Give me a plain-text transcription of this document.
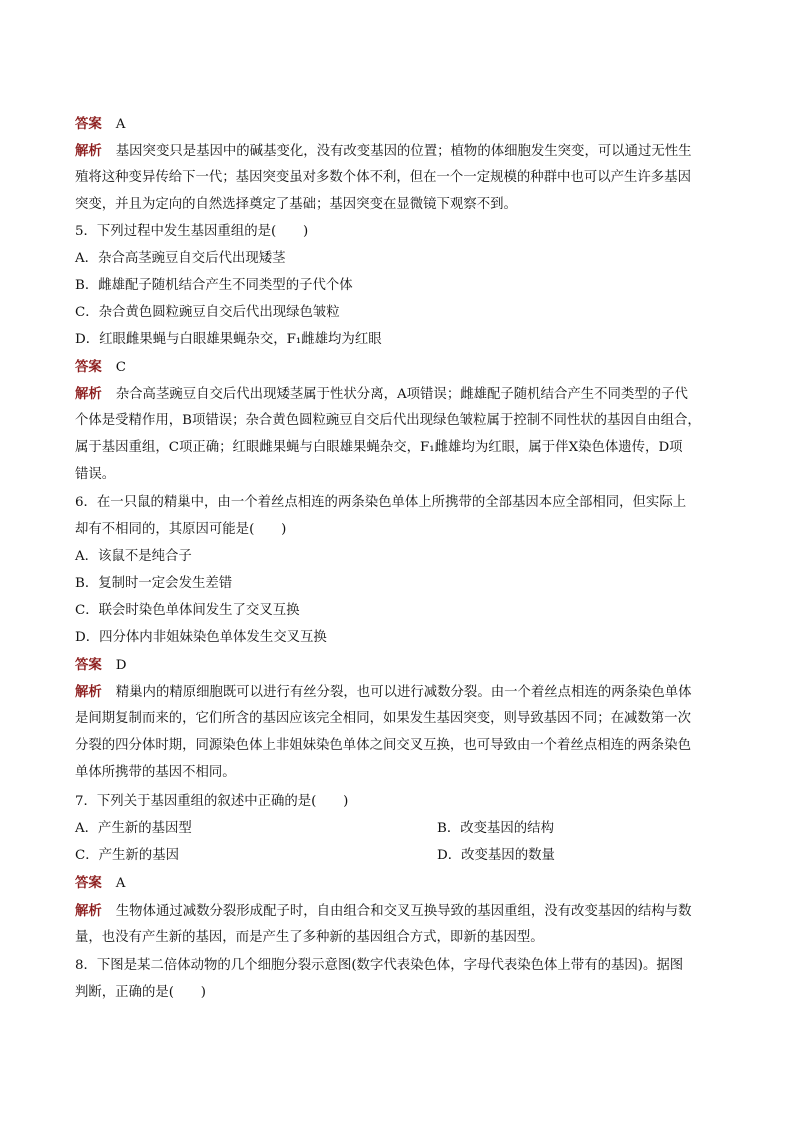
答案 A
解析 基因突变只是基因中的碱基变化，没有改变基因的位置；植物的体细胞发生突变，可以通过无性生
殖将这种变异传给下一代；基因突变虽对多数个体不利，但在一个一定规模的种群中也可以产生许多基因
突变，并且为定向的自然选择奠定了基础；基因突变在显微镜下观察不到。
5．下列过程中发生基因重组的是(　　)
A．杂合高茎豌豆自交后代出现矮茎
B．雌雄配子随机结合产生不同类型的子代个体
C．杂合黄色圆粒豌豆自交后代出现绿色皱粒
D．红眼雌果蝇与白眼雄果蝇杂交，F₁雌雄均为红眼
答案 C
解析 杂合高茎豌豆自交后代出现矮茎属于性状分离，A项错误；雌雄配子随机结合产生不同类型的子代
个体是受精作用，B项错误；杂合黄色圆粒豌豆自交后代出现绿色皱粒属于控制不同性状的基因自由组合，
属于基因重组，C项正确；红眼雌果蝇与白眼雄果蝇杂交，F₁雌雄均为红眼，属于伴X染色体遗传，D项
错误。
6．在一只鼠的精巢中，由一个着丝点相连的两条染色单体上所携带的全部基因本应全部相同，但实际上
却有不相同的，其原因可能是(　　)
A．该鼠不是纯合子
B．复制时一定会发生差错
C．联会时染色单体间发生了交叉互换
D．四分体内非姐妹染色单体发生交叉互换
答案 D
解析 精巢内的精原细胞既可以进行有丝分裂，也可以进行减数分裂。由一个着丝点相连的两条染色单体
是间期复制而来的，它们所含的基因应该完全相同，如果发生基因突变，则导致基因不同；在减数第一次
分裂的四分体时期，同源染色体上非姐妹染色单体之间交叉互换，也可导致由一个着丝点相连的两条染色
单体所携带的基因不相同。
7．下列关于基因重组的叙述中正确的是(　　)
A．产生新的基因型	B．改变基因的结构
C．产生新的基因	D．改变基因的数量
答案 A
解析 生物体通过减数分裂形成配子时，自由组合和交叉互换导致的基因重组，没有改变基因的结构与数
量，也没有产生新的基因，而是产生了多种新的基因组合方式，即新的基因型。
8．下图是某二倍体动物的几个细胞分裂示意图(数字代表染色体，字母代表染色体上带有的基因)。据图
判断，正确的是(　　)
